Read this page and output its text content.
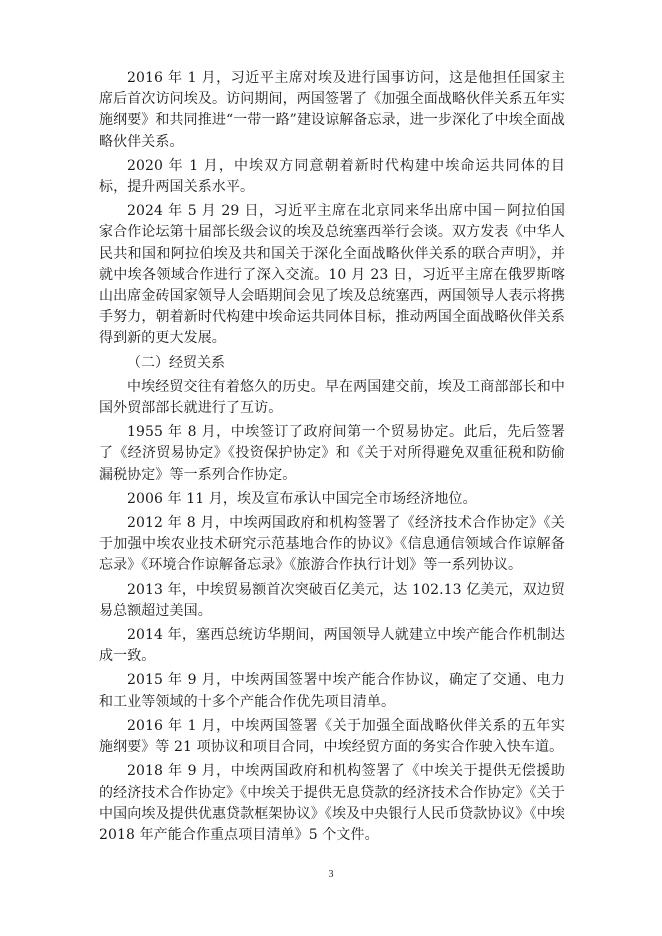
2016 年 1 月，习近平主席对埃及进行国事访问，这是他担任国家主席后首次访问埃及。访问期间，两国签署了《加强全面战略伙伴关系五年实施纲要》和共同推进“一带一路”建设谅解备忘录，进一步深化了中埃全面战略伙伴关系。

2020 年 1 月，中埃双方同意朝着新时代构建中埃命运共同体的目标，提升两国关系水平。

2024 年 5 月 29 日，习近平主席在北京同来华出席中国－阿拉伯国家合作论坛第十届部长级会议的埃及总统塞西举行会谈。双方发表《中华人民共和国和阿拉伯埃及共和国关于深化全面战略伙伴关系的联合声明》，并就中埃各领域合作进行了深入交流。10 月 23 日，习近平主席在俄罗斯喀山出席金砖国家领导人会晤期间会见了埃及总统塞西，两国领导人表示将携手努力，朝着新时代构建中埃命运共同体目标，推动两国全面战略伙伴关系得到新的更大发展。

（二）经贸关系

中埃经贸交往有着悠久的历史。早在两国建交前，埃及工商部部长和中国外贸部部长就进行了互访。

1955 年 8 月，中埃签订了政府间第一个贸易协定。此后，先后签署了《经济贸易协定》《投资保护协定》和《关于对所得避免双重征税和防偷漏税协定》等一系列合作协定。

2006 年 11 月，埃及宣布承认中国完全市场经济地位。

2012 年 8 月，中埃两国政府和机构签署了《经济技术合作协定》《关于加强中埃农业技术研究示范基地合作的协议》《信息通信领域合作谅解备忘录》《环境合作谅解备忘录》《旅游合作执行计划》等一系列协议。

2013 年，中埃贸易额首次突破百亿美元，达 102.13 亿美元，双边贸易总额超过美国。

2014 年，塞西总统访华期间，两国领导人就建立中埃产能合作机制达成一致。

2015 年 9 月，中埃两国签署中埃产能合作协议，确定了交通、电力和工业等领域的十多个产能合作优先项目清单。

2016 年 1 月，中埃两国签署《关于加强全面战略伙伴关系的五年实施纲要》等 21 项协议和项目合同，中埃经贸方面的务实合作驶入快车道。

2018 年 9 月，中埃两国政府和机构签署了《中埃关于提供无偿援助的经济技术合作协定》《中埃关于提供无息贷款的经济技术合作协定》《关于中国向埃及提供优惠贷款框架协议》《埃及中央银行人民币贷款协议》《中埃 2018 年产能合作重点项目清单》5 个文件。

3
